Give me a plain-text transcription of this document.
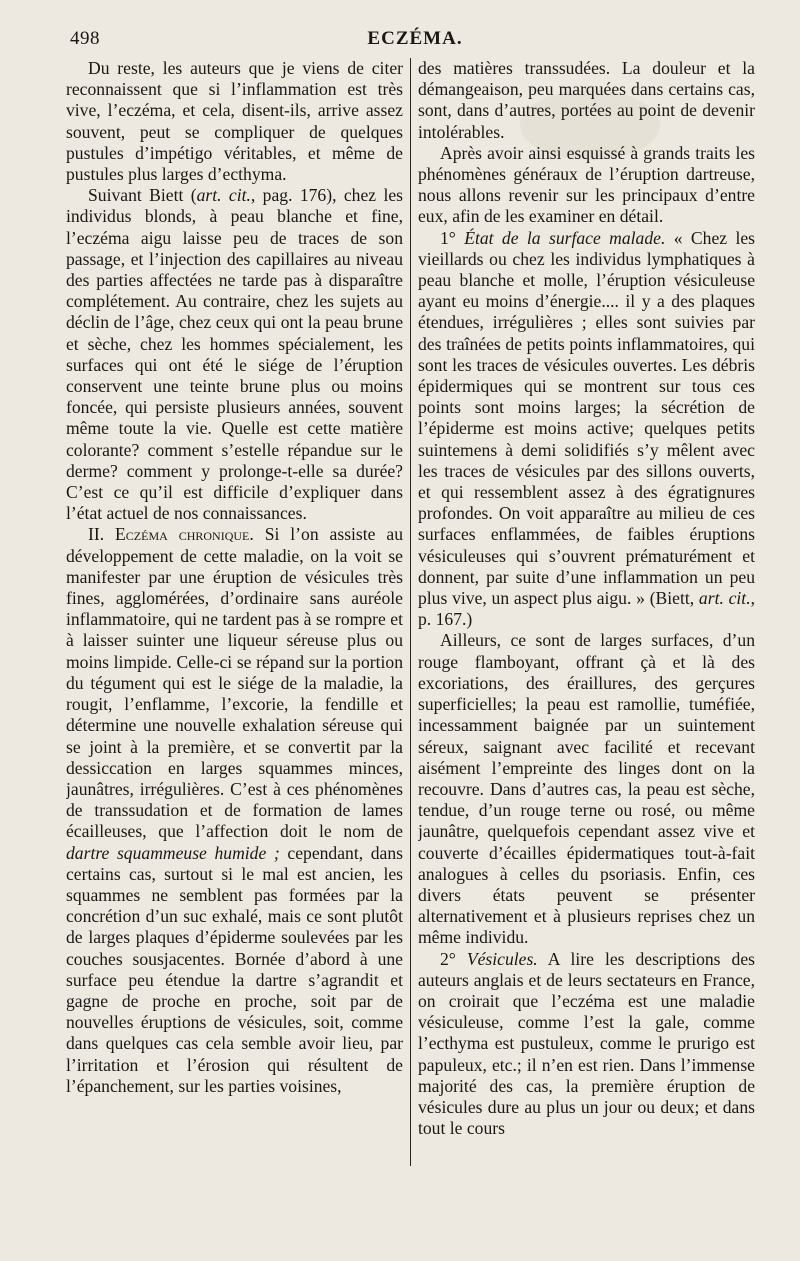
498	ECZÉMA.

Du reste, les auteurs que je viens de citer reconnaissent que si l’inflammation est très vive, l’eczéma, et cela, disent-ils, arrive assez souvent, peut se compliquer de quelques pustules d’impétigo véritables, et même de pustules plus larges d’ecthyma.

Suivant Biett (art. cit., pag. 176), chez les individus blonds, à peau blanche et fine, l’eczéma aigu laisse peu de traces de son passage, et l’injection des capillaires au niveau des parties affectées ne tarde pas à disparaître complétement. Au contraire, chez les sujets au déclin de l’âge, chez ceux qui ont la peau brune et sèche, chez les hommes spécialement, les surfaces qui ont été le siége de l’éruption conservent une teinte brune plus ou moins foncée, qui persiste plusieurs années, souvent même toute la vie. Quelle est cette matière colorante? comment s’estelle répandue sur le derme? comment y prolonge-t-elle sa durée? C’est ce qu’il est difficile d’expliquer dans l’état actuel de nos connaissances.

II. Eczéma chronique. Si l’on assiste au développement de cette maladie, on la voit se manifester par une éruption de vésicules très fines, agglomérées, d’ordinaire sans auréole inflammatoire, qui ne tardent pas à se rompre et à laisser suinter une liqueur séreuse plus ou moins limpide. Celle-ci se répand sur la portion du tégument qui est le siége de la maladie, la rougit, l’enflamme, l’excorie, la fendille et détermine une nouvelle exhalation séreuse qui se joint à la première, et se convertit par la dessiccation en larges squammes minces, jaunâtres, irrégulières. C’est à ces phénomènes de transsudation et de formation de lames écailleuses, que l’affection doit le nom de dartre squammeuse humide ; cependant, dans certains cas, surtout si le mal est ancien, les squammes ne semblent pas formées par la concrétion d’un suc exhalé, mais ce sont plutôt de larges plaques d’épiderme soulevées par les couches sousjacentes. Bornée d’abord à une surface peu étendue la dartre s’agrandit et gagne de proche en proche, soit par de nouvelles éruptions de vésicules, soit, comme dans quelques cas cela semble avoir lieu, par l’irritation et l’érosion qui résultent de l’épanchement, sur les parties voisines,

des matières transsudées. La douleur et la démangeaison, peu marquées dans certains cas, sont, dans d’autres, portées au point de devenir intolérables.

Après avoir ainsi esquissé à grands traits les phénomènes généraux de l’éruption dartreuse, nous allons revenir sur les principaux d’entre eux, afin de les examiner en détail.

1° État de la surface malade. « Chez les vieillards ou chez les individus lymphatiques à peau blanche et molle, l’éruption vésiculeuse ayant eu moins d’énergie.... il y a des plaques étendues, irrégulières ; elles sont suivies par des traînées de petits points inflammatoires, qui sont les traces de vésicules ouvertes. Les débris épidermiques qui se montrent sur tous ces points sont moins larges; la sécrétion de l’épiderme est moins active; quelques petits suintemens à demi solidifiés s’y mêlent avec les traces de vésicules par des sillons ouverts, et qui ressemblent assez à des égratignures profondes. On voit apparaître au milieu de ces surfaces enflammées, de faibles éruptions vésiculeuses qui s’ouvrent prématurément et donnent, par suite d’une inflammation un peu plus vive, un aspect plus aigu. » (Biett, art. cit., p. 167.)

Ailleurs, ce sont de larges surfaces, d’un rouge flamboyant, offrant çà et là des excoriations, des éraillures, des gerçures superficielles; la peau est ramollie, tuméfiée, incessamment baignée par un suintement séreux, saignant avec facilité et recevant aisément l’empreinte des linges dont on la recouvre. Dans d’autres cas, la peau est sèche, tendue, d’un rouge terne ou rosé, ou même jaunâtre, quelquefois cependant assez vive et couverte d’écailles épidermatiques tout-à-fait analogues à celles du psoriasis. Enfin, ces divers états peuvent se présenter alternativement et à plusieurs reprises chez un même individu.

2° Vésicules. A lire les descriptions des auteurs anglais et de leurs sectateurs en France, on croirait que l’eczéma est une maladie vésiculeuse, comme l’est la gale, comme l’ecthyma est pustuleux, comme le prurigo est papuleux, etc.; il n’en est rien. Dans l’immense majorité des cas, la première éruption de vésicules dure au plus un jour ou deux; et dans tout le cours
